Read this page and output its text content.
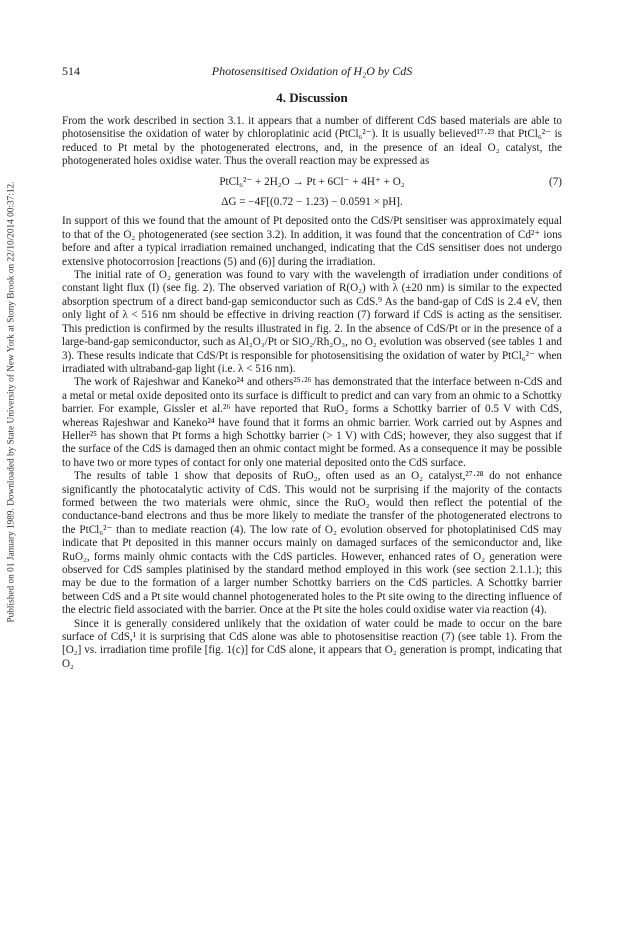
Published on 01 January 1989. Downloaded by State University of New York at Stony Brook on 22/10/2014 00:37:12.
514	Photosensitised Oxidation of H₂O by CdS
4. Discussion

From the work described in section 3.1. it appears that a number of different CdS based materials are able to photosensitise the oxidation of water by chloroplatinic acid (PtCl₆²⁻). It is usually believed¹⁷·²³ that PtCl₆²⁻ is reduced to Pt metal by the photogenerated electrons, and, in the presence of an ideal O₂ catalyst, the photogenerated holes oxidise water. Thus the overall reaction may be expressed as

PtCl₆²⁻ + 2H₂O → Pt + 6Cl⁻ + 4H⁺ + O₂	(7)
ΔG = −4F[(0.72 − 1.23) − 0.0591 × pH].

In support of this we found that the amount of Pt deposited onto the CdS/Pt sensitiser was approximately equal to that of the O₂ photogenerated (see section 3.2). In addition, it was found that the concentration of Cd²⁺ ions before and after a typical irradiation remained unchanged, indicating that the CdS sensitiser does not undergo extensive photocorrosion [reactions (5) and (6)] during the irradiation.

The initial rate of O₂ generation was found to vary with the wavelength of irradiation under conditions of constant light flux (I) (see fig. 2). The observed variation of R(O₂) with λ (±20 nm) is similar to the expected absorption spectrum of a direct band-gap semiconductor such as CdS.⁹ As the band-gap of CdS is 2.4 eV, then only light of λ < 516 nm should be effective in driving reaction (7) forward if CdS is acting as the sensitiser. This prediction is confirmed by the results illustrated in fig. 2. In the absence of CdS/Pt or in the presence of a large-band-gap semiconductor, such as Al₂O₃/Pt or SiO₂/Rh₂O₃, no O₂ evolution was observed (see tables 1 and 3). These results indicate that CdS/Pt is responsible for photosensitising the oxidation of water by PtCl₆²⁻ when irradiated with ultraband-gap light (i.e. λ < 516 nm).

The work of Rajeshwar and Kaneko²⁴ and others²⁵·²⁶ has demonstrated that the interface between n-CdS and a metal or metal oxide deposited onto its surface is difficult to predict and can vary from an ohmic to a Schottky barrier. For example, Gissler et al.²⁶ have reported that RuO₂ forms a Schottky barrier of 0.5 V with CdS, whereas Rajeshwar and Kaneko²⁴ have found that it forms an ohmic barrier. Work carried out by Aspnes and Heller²⁵ has shown that Pt forms a high Schottky barrier (> 1 V) with CdS; however, they also suggest that if the surface of the CdS is damaged then an ohmic contact might be formed. As a consequence it may be possible to have two or more types of contact for only one material deposited onto the CdS surface.

The results of table 1 show that deposits of RuO₂, often used as an O₂ catalyst,²⁷·²⁸ do not enhance significantly the photocatalytic activity of CdS. This would not be surprising if the majority of the contacts formed between the two materials were ohmic, since the RuO₂ would then reflect the potential of the conductance-band electrons and thus be more likely to mediate the transfer of the photogenerated electrons to the PtCl₆²⁻ than to mediate reaction (4). The low rate of O₂ evolution observed for photoplatinised CdS may indicate that Pt deposited in this manner occurs mainly on damaged surfaces of the semiconductor and, like RuO₂, forms mainly ohmic contacts with the CdS particles. However, enhanced rates of O₂ generation were observed for CdS samples platinised by the standard method employed in this work (see section 2.1.1.); this may be due to the formation of a larger number Schottky barriers on the CdS particles. A Schottky barrier between CdS and a Pt site would channel photogenerated holes to the Pt site owing to the directing influence of the electric field associated with the barrier. Once at the Pt site the holes could oxidise water via reaction (4).

Since it is generally considered unlikely that the oxidation of water could be made to occur on the bare surface of CdS,¹ it is surprising that CdS alone was able to photosensitise reaction (7) (see table 1). From the [O₂] vs. irradiation time profile [fig. 1(c)] for CdS alone, it appears that O₂ generation is prompt, indicating that O₂
